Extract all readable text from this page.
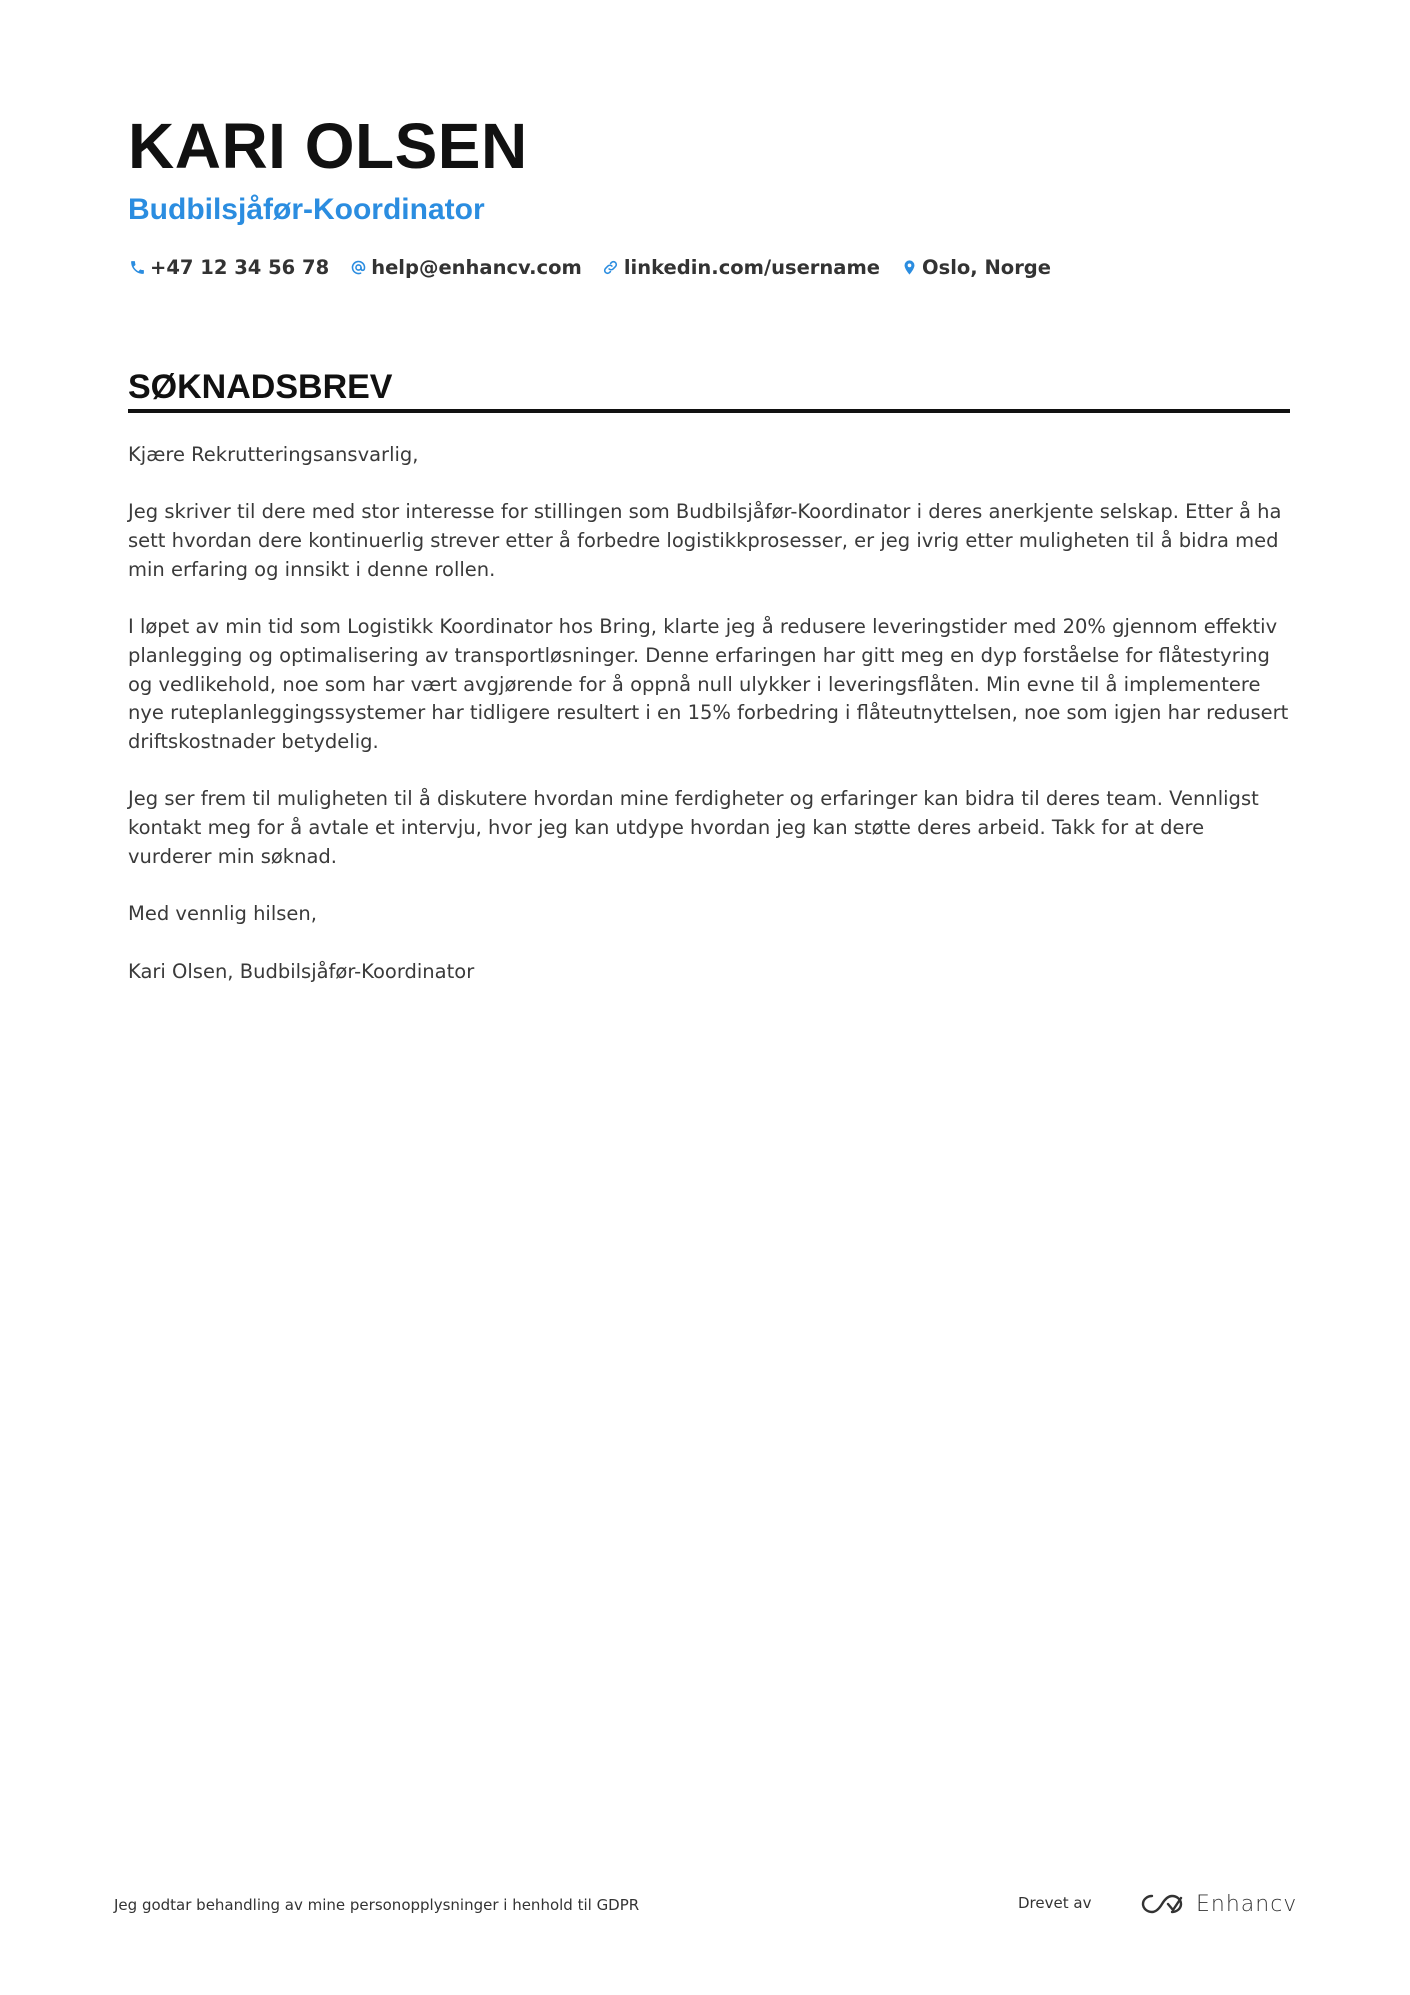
KARI OLSEN
Budbilsjåfør-Koordinator
+47 12 34 56 78 help@enhancv.com linkedin.com/username Oslo, Norge
SØKNADSBREV

Kjære Rekrutteringsansvarlig,

Jeg skriver til dere med stor interesse for stillingen som Budbilsjåfør-Koordinator i deres anerkjente selskap. Etter å ha sett hvordan dere kontinuerlig strever etter å forbedre logistikkprosesser, er jeg ivrig etter muligheten til å bidra med min erfaring og innsikt i denne rollen.

I løpet av min tid som Logistikk Koordinator hos Bring, klarte jeg å redusere leveringstider med 20% gjennom effektiv planlegging og optimalisering av transportløsninger. Denne erfaringen har gitt meg en dyp forståelse for flåtestyring og vedlikehold, noe som har vært avgjørende for å oppnå null ulykker i leveringsflåten. Min evne til å implementere nye ruteplanleggingssystemer har tidligere resultert i en 15% forbedring i flåteutnyttelsen, noe som igjen har redusert driftskostnader betydelig.

Jeg ser frem til muligheten til å diskutere hvordan mine ferdigheter og erfaringer kan bidra til deres team. Vennligst kontakt meg for å avtale et intervju, hvor jeg kan utdype hvordan jeg kan støtte deres arbeid. Takk for at dere vurderer min søknad.

Med vennlig hilsen,

Kari Olsen, Budbilsjåfør-Koordinator

Jeg godtar behandling av mine personopplysninger i henhold til GDPR	Drevet av	Enhancv
